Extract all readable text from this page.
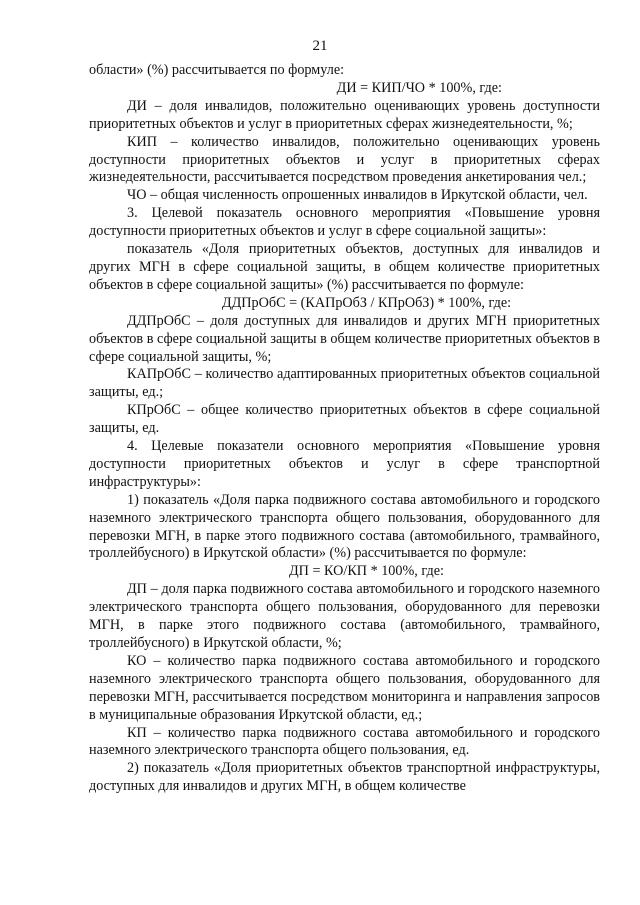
21

области» (%) рассчитывается по формуле:

ДИ = КИП/ЧО * 100%, где:

ДИ – доля инвалидов, положительно оценивающих уровень доступности приоритетных объектов и услуг в приоритетных сферах жизнедеятельности, %;

КИП – количество инвалидов, положительно оценивающих уровень доступности приоритетных объектов и услуг в приоритетных сферах жизнедеятельности, рассчитывается посредством проведения анкетирования чел.;

ЧО – общая численность опрошенных инвалидов в Иркутской области, чел.

3. Целевой показатель основного мероприятия «Повышение уровня доступности приоритетных объектов и услуг в сфере социальной защиты»:

показатель «Доля приоритетных объектов, доступных для инвалидов и других МГН в сфере социальной защиты, в общем количестве приоритетных объектов в сфере социальной защиты» (%) рассчитывается по формуле:

ДДПрОбС = (КАПрОбЗ / КПрОбЗ) * 100%, где:

ДДПрОбС – доля доступных для инвалидов и других МГН приоритетных объектов в сфере социальной защиты в общем количестве приоритетных объектов в сфере социальной защиты, %;

КАПрОбС – количество адаптированных приоритетных объектов социальной защиты, ед.;

КПрОбС – общее количество приоритетных объектов в сфере социальной защиты, ед.

4. Целевые показатели основного мероприятия «Повышение уровня доступности приоритетных объектов и услуг в сфере транспортной инфраструктуры»:

1) показатель «Доля парка подвижного состава автомобильного и городского наземного электрического транспорта общего пользования, оборудованного для перевозки МГН, в парке этого подвижного состава (автомобильного, трамвайного, троллейбусного) в Иркутской области» (%) рассчитывается по формуле:

ДП = КО/КП * 100%, где:

ДП – доля парка подвижного состава автомобильного и городского наземного электрического транспорта общего пользования, оборудованного для перевозки МГН, в парке этого подвижного состава (автомобильного, трамвайного, троллейбусного) в Иркутской области, %;

КО – количество парка подвижного состава автомобильного и городского наземного электрического транспорта общего пользования, оборудованного для перевозки МГН, рассчитывается посредством мониторинга и направления запросов в муниципальные образования Иркутской области, ед.;

КП – количество парка подвижного состава автомобильного и городского наземного электрического транспорта общего пользования, ед.

2) показатель «Доля приоритетных объектов транспортной инфраструктуры, доступных для инвалидов и других МГН, в общем количестве
